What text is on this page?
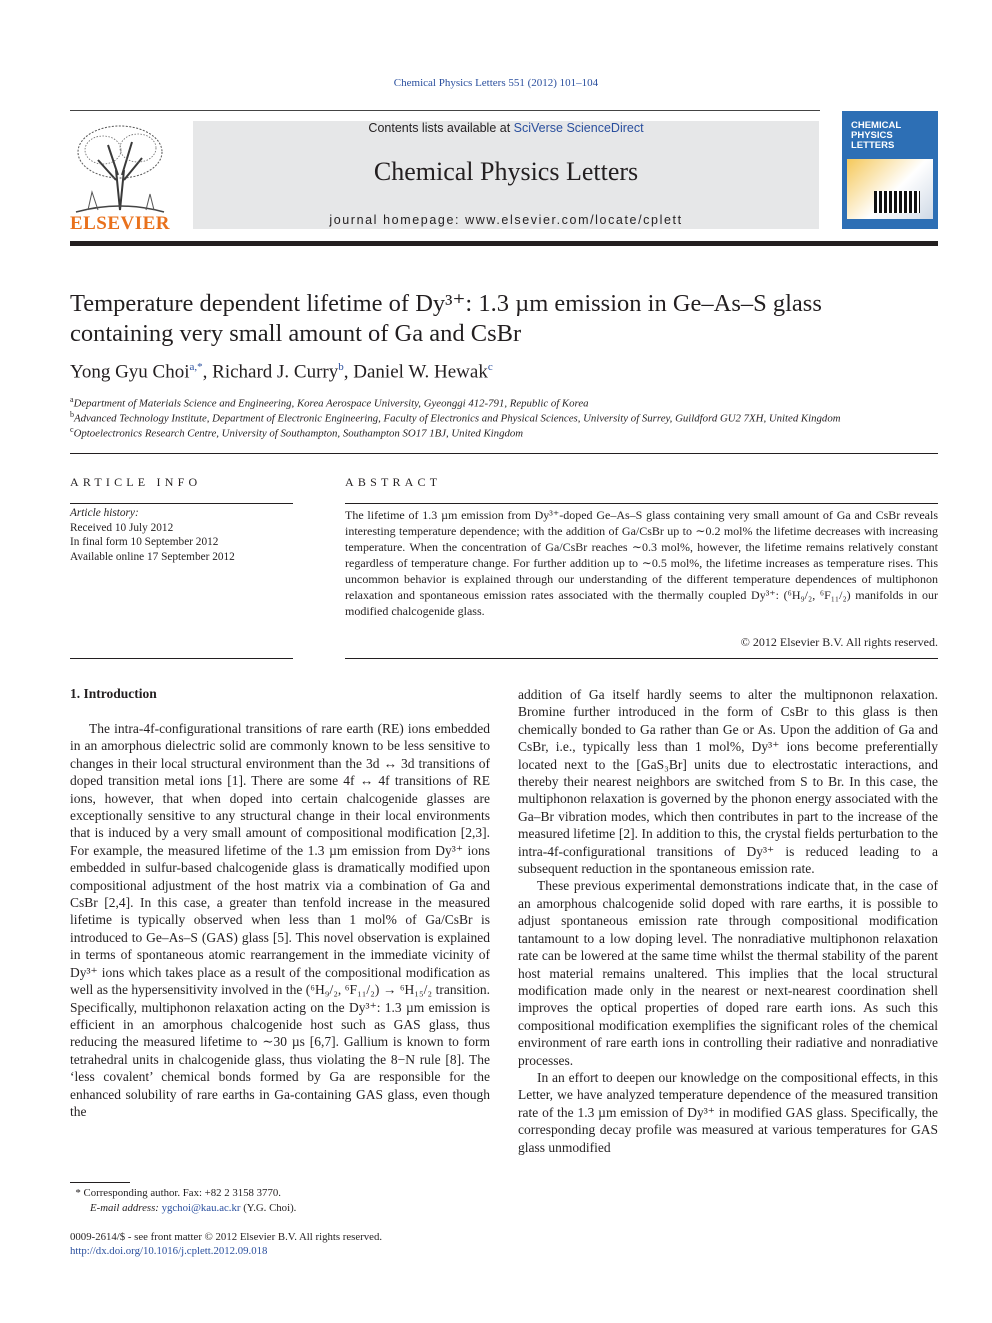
Chemical Physics Letters 551 (2012) 101–104
ELSEVIER
Contents lists available at SciVerse ScienceDirect
Chemical Physics Letters
journal homepage: www.elsevier.com/locate/cplett
CHEMICAL PHYSICS LETTERS
Temperature dependent lifetime of Dy³⁺: 1.3 µm emission in Ge–As–S glass containing very small amount of Ga and CsBr
Yong Gyu Choi$^{a,*}$, Richard J. Curry$^b$, Daniel W. Hewak$^c$
$^a$Department of Materials Science and Engineering, Korea Aerospace University, Gyeonggi 412-791, Republic of Korea
$^b$Advanced Technology Institute, Department of Electronic Engineering, Faculty of Electronics and Physical Sciences, University of Surrey, Guildford GU2 7XH, United Kingdom
$^c$Optoelectronics Research Centre, University of Southampton, Southampton SO17 1BJ, United Kingdom
ARTICLE INFO
Article history:
Received 10 July 2012
In final form 10 September 2012
Available online 17 September 2012
ABSTRACT
The lifetime of 1.3 µm emission from Dy³⁺-doped Ge–As–S glass containing very small amount of Ga and CsBr reveals interesting temperature dependence; with the addition of Ga/CsBr up to ∼0.2 mol% the lifetime decreases with increasing temperature. When the concentration of Ga/CsBr reaches ∼0.3 mol%, however, the lifetime remains relatively constant regardless of temperature change. For further addition up to ∼0.5 mol%, the lifetime increases as temperature rises. This uncommon behavior is explained through our understanding of the different temperature dependences of multiphonon relaxation and spontaneous emission rates associated with the thermally coupled Dy³⁺: (⁶H₉/₂, ⁶F₁₁/₂) manifolds in our modified chalcogenide glass.
© 2012 Elsevier B.V. All rights reserved.
1. Introduction

The intra-4f-configurational transitions of rare earth (RE) ions embedded in an amorphous dielectric solid are commonly known to be less sensitive to changes in their local structural environment than the 3d ↔ 3d transitions of doped transition metal ions [1]. There are some 4f ↔ 4f transitions of RE ions, however, that when doped into certain chalcogenide glasses are exceptionally sensitive to any structural change in their local environments that is induced by a very small amount of compositional modification [2,3]. For example, the measured lifetime of the 1.3 µm emission from Dy³⁺ ions embedded in sulfur-based chalcogenide glass is dramatically modified upon compositional adjustment of the host matrix via a combination of Ga and CsBr [2,4]. In this case, a greater than tenfold increase in the measured lifetime is typically observed when less than 1 mol% of Ga/CsBr is introduced to Ge–As–S (GAS) glass [5]. This novel observation is explained in terms of spontaneous atomic rearrangement in the immediate vicinity of Dy³⁺ ions which takes place as a result of the compositional modification as well as the hypersensitivity involved in the (⁶H₉/₂, ⁶F₁₁/₂) → ⁶H₁₅/₂ transition. Specifically, multiphonon relaxation acting on the Dy³⁺: 1.3 µm emission is efficient in an amorphous chalcogenide host such as GAS glass, thus reducing the measured lifetime to ∼30 µs [6,7]. Gallium is known to form tetrahedral units in chalcogenide glass, thus violating the 8−N rule [8]. The ‘less covalent’ chemical bonds formed by Ga are responsible for the enhanced solubility of rare earths in Ga-containing GAS glass, even though the

addition of Ga itself hardly seems to alter the multipnonon relaxation. Bromine further introduced in the form of CsBr to this glass is then chemically bonded to Ga rather than Ge or As. Upon the addition of Ga and CsBr, i.e., typically less than 1 mol%, Dy³⁺ ions become preferentially located next to the [GaS₃Br] units due to electrostatic interactions, and thereby their nearest neighbors are switched from S to Br. In this case, the multiphonon relaxation is governed by the phonon energy associated with the Ga–Br vibration modes, which then contributes in part to the increase of the measured lifetime [2]. In addition to this, the crystal fields perturbation to the intra-4f-configurational transitions of Dy³⁺ is reduced leading to a subsequent reduction in the spontaneous emission rate.

These previous experimental demonstrations indicate that, in the case of an amorphous chalcogenide solid doped with rare earths, it is possible to adjust spontaneous emission rate through compositional modification tantamount to a low doping level. The nonradiative multiphonon relaxation rate can be lowered at the same time whilst the thermal stability of the parent host material remains unaltered. This implies that the local structural modification made only in the nearest or next-nearest coordination shell improves the optical properties of doped rare earth ions. As such this compositional modification exemplifies the significant roles of the chemical environment of rare earth ions in controlling their radiative and nonradiative processes.

In an effort to deepen our knowledge on the compositional effects, in this Letter, we have analyzed temperature dependence of the measured transition rate of the 1.3 µm emission of Dy³⁺ in modified GAS glass. Specifically, the corresponding decay profile was measured at various temperatures for GAS glass unmodified

* Corresponding author. Fax: +82 2 3158 3770.
E-mail address: ygchoi@kau.ac.kr (Y.G. Choi).
0009-2614/$ - see front matter © 2012 Elsevier B.V. All rights reserved.
http://dx.doi.org/10.1016/j.cplett.2012.09.018
